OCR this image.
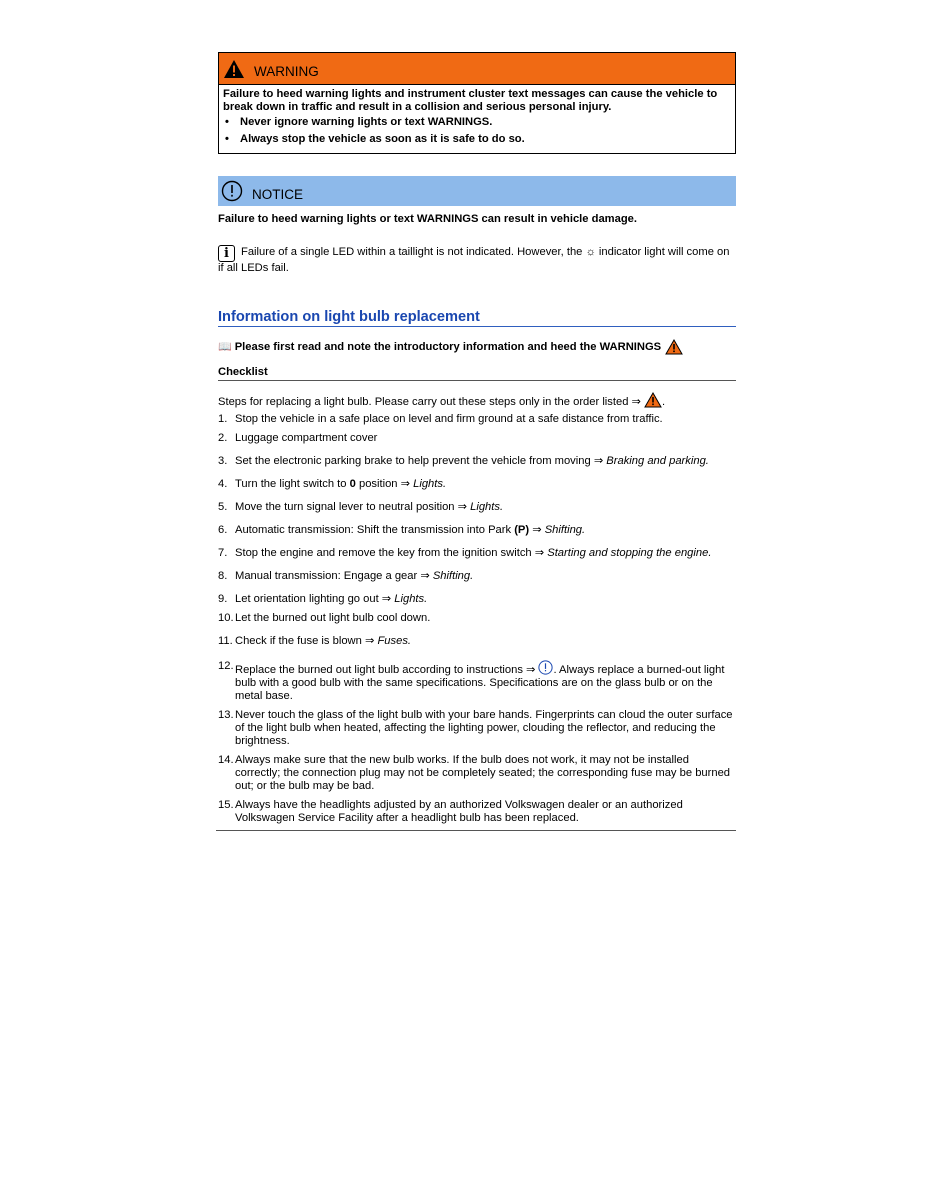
WARNING
Failure to heed warning lights and instrument cluster text messages can cause the vehicle to break down in traffic and result in a collision and serious personal injury.
• Never ignore warning lights or text WARNINGS.
• Always stop the vehicle as soon as it is safe to do so.
NOTICE
Failure to heed warning lights or text WARNINGS can result in vehicle damage.
i Failure of a single LED within a taillight is not indicated. However, the ☼ indicator light will come on if all LEDs fail.
Information on light bulb replacement
📖 Please first read and note the introductory information and heed the WARNINGS
Checklist
Steps for replacing a light bulb. Please carry out these steps only in the order listed ⇒ .
1. Stop the vehicle in a safe place on level and firm ground at a safe distance from traffic.
2. Luggage compartment cover
3. Set the electronic parking brake to help prevent the vehicle from moving ⇒ Braking and parking.
4. Turn the light switch to 0 position ⇒ Lights.
5. Move the turn signal lever to neutral position ⇒ Lights.
6. Automatic transmission: Shift the transmission into Park (P) ⇒ Shifting.
7. Stop the engine and remove the key from the ignition switch ⇒ Starting and stopping the engine.
8. Manual transmission: Engage a gear ⇒ Shifting.
9. Let orientation lighting go out ⇒ Lights.
10. Let the burned out light bulb cool down.
11. Check if the fuse is blown ⇒ Fuses.
12. Replace the burned out light bulb according to instructions ⇒ . Always replace a burned-out light bulb with a good bulb with the same specifications. Specifications are on the glass bulb or on the metal base.
13. Never touch the glass of the light bulb with your bare hands. Fingerprints can cloud the outer surface of the light bulb when heated, affecting the lighting power, clouding the reflector, and reducing the brightness.
14. Always make sure that the new bulb works. If the bulb does not work, it may not be installed correctly; the connection plug may not be completely seated; the corresponding fuse may be burned out; or the bulb may be bad.
15. Always have the headlights adjusted by an authorized Volkswagen dealer or an authorized Volkswagen Service Facility after a headlight bulb has been replaced.
